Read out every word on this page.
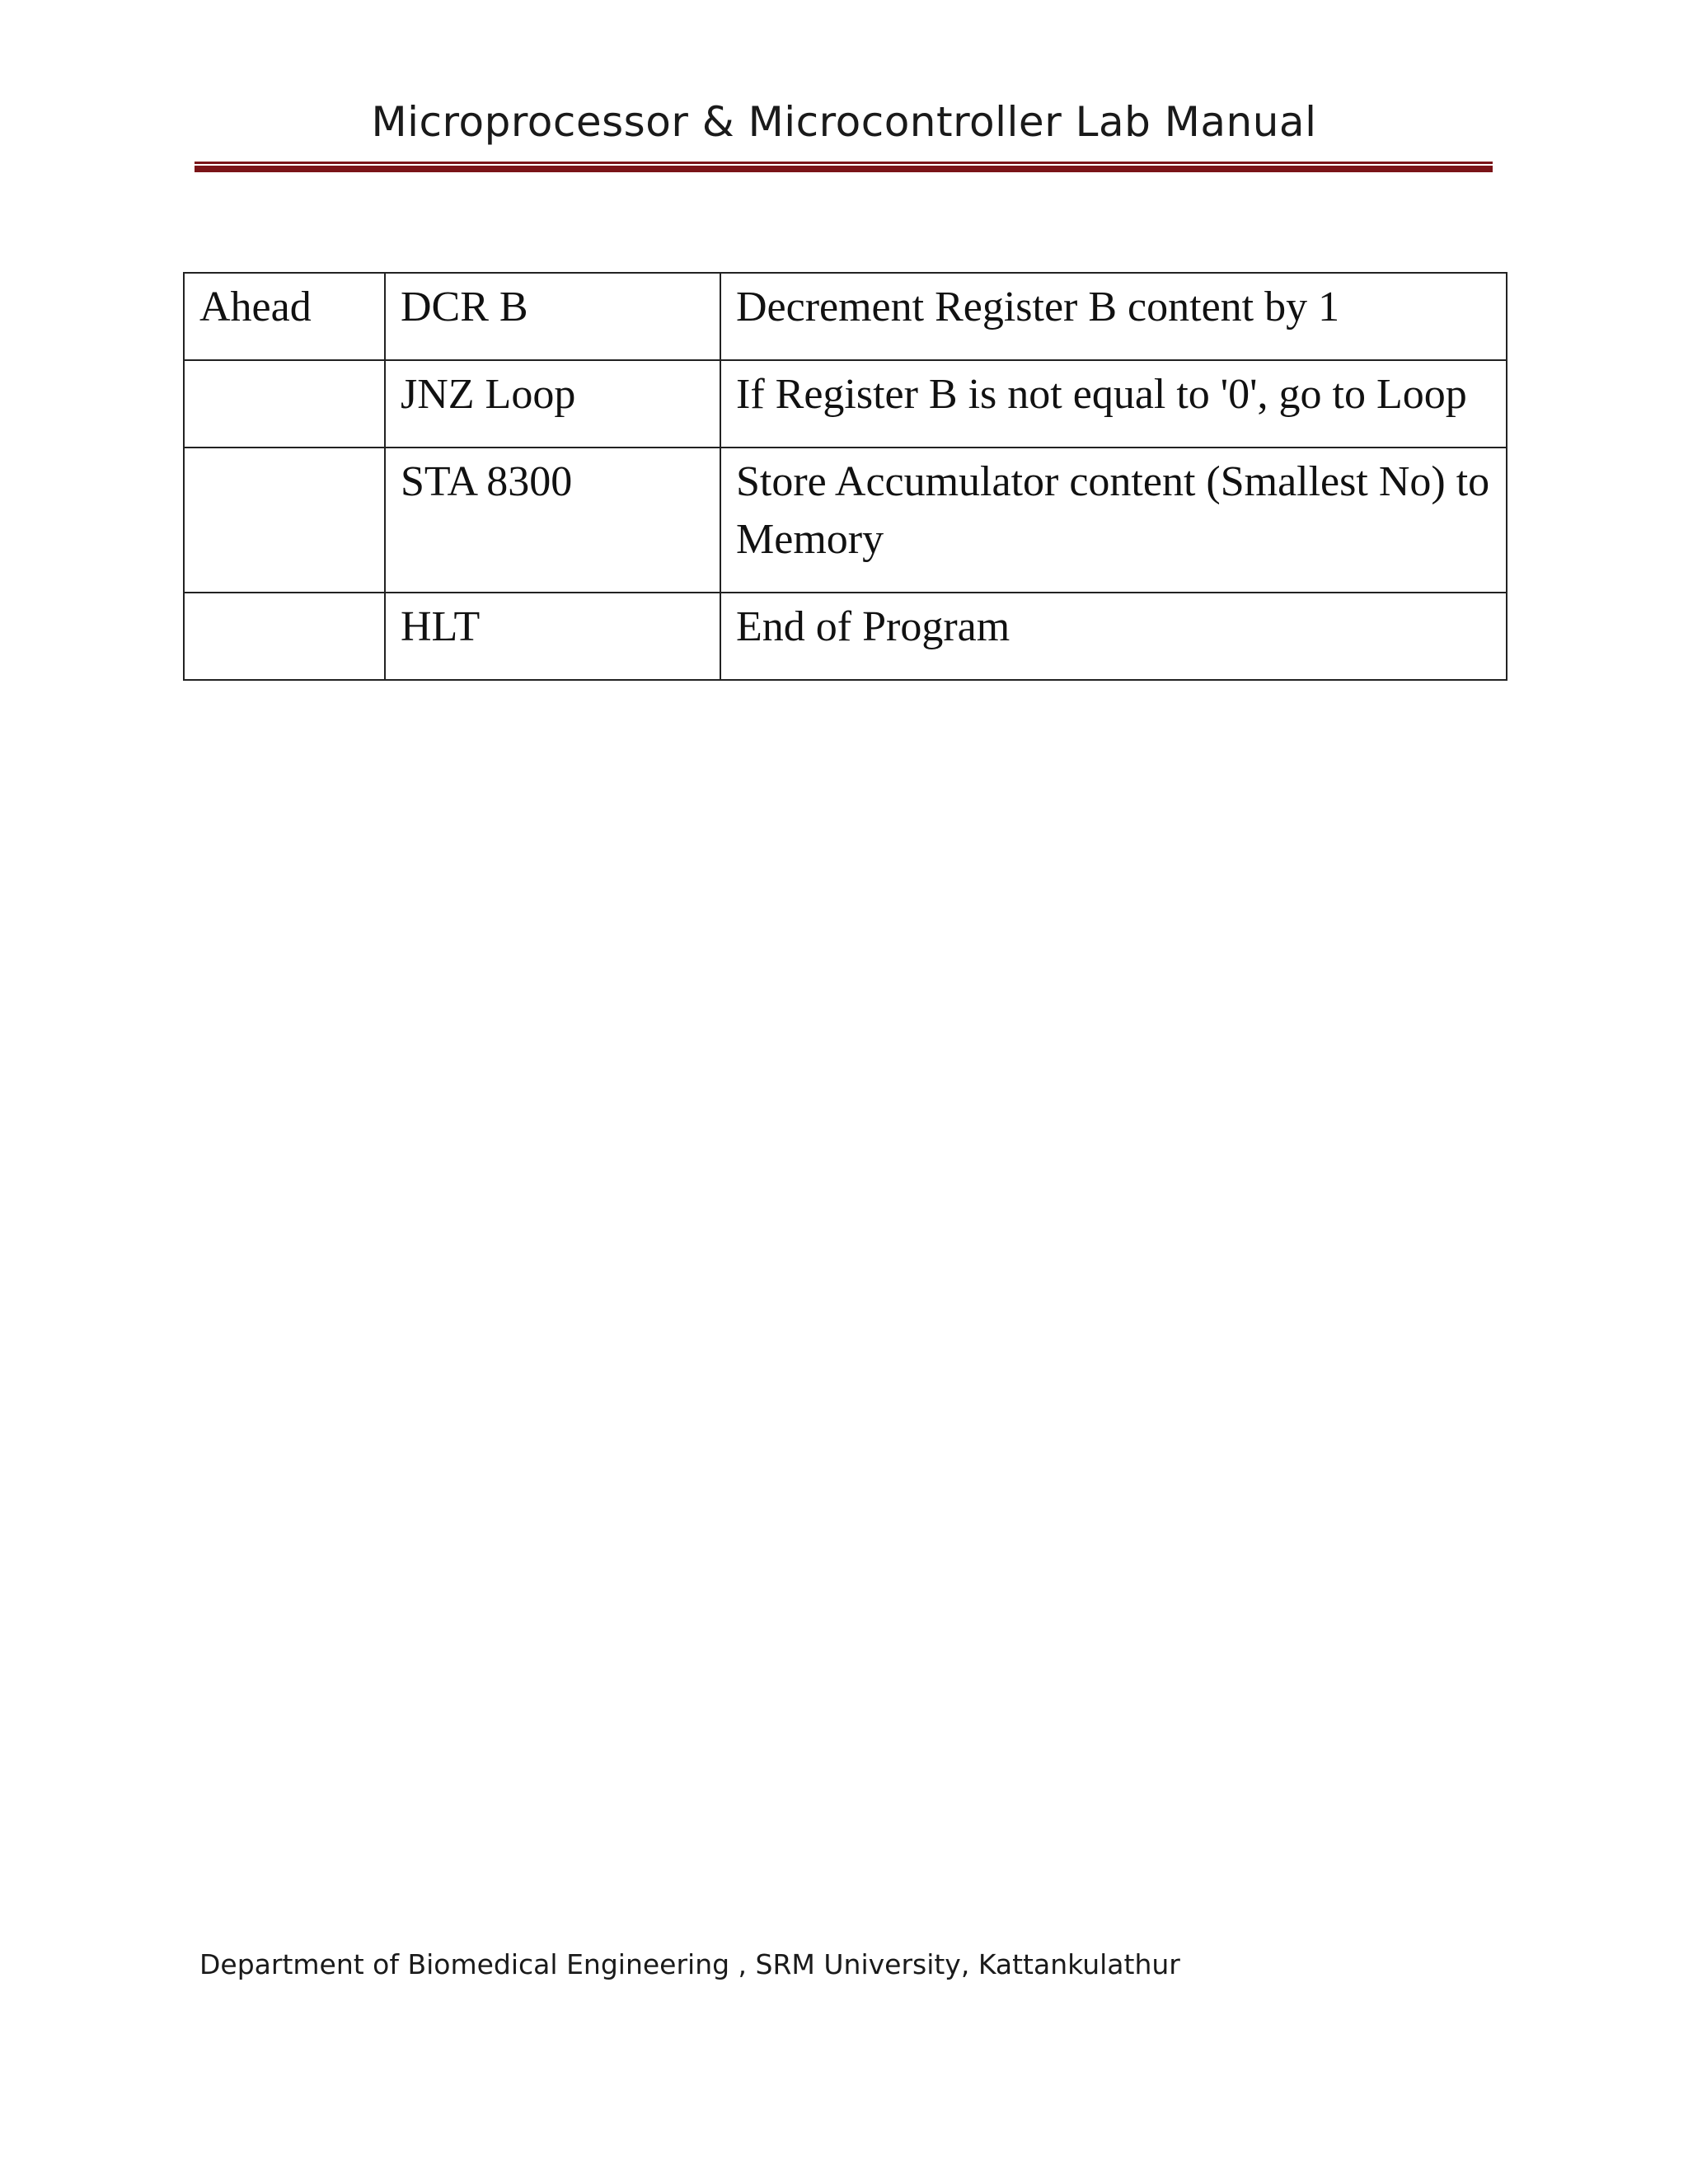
Microprocessor & Microcontroller Lab Manual
Ahead	DCR B	Decrement Register B content by 1
	JNZ Loop	If Register B is not equal to '0', go to Loop
	STA 8300	Store Accumulator content (Smallest No) to Memory
	HLT	End of Program
Department of Biomedical Engineering , SRM University, Kattankulathur
